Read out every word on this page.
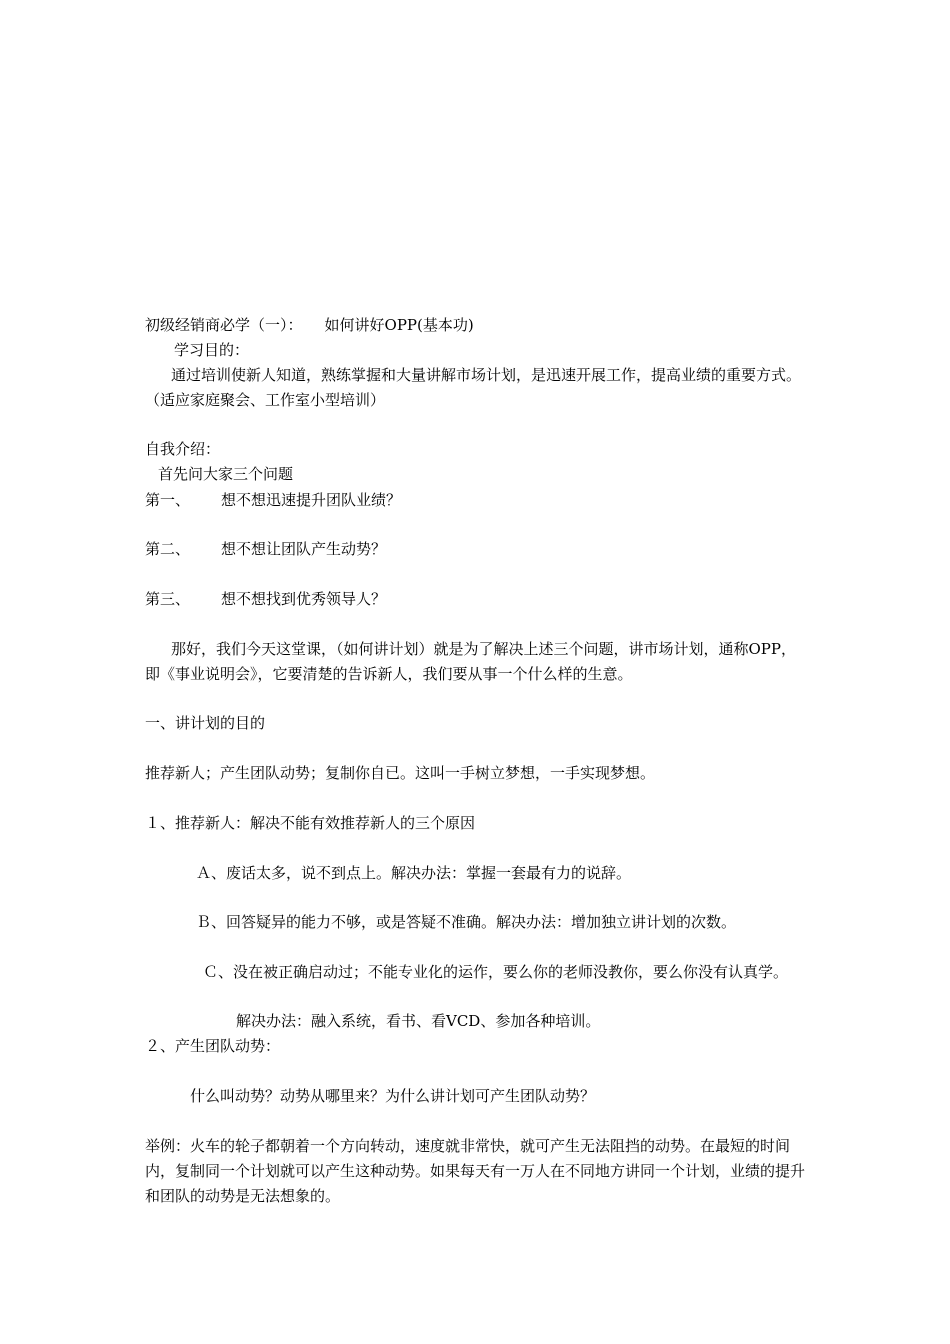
初级经销商必学（一）： 如何讲好OPP(基本功)
学习目的：
通过培训使新人知道，熟练掌握和大量讲解市场计划，是迅速开展工作，提高业绩的重要方式。（适应家庭聚会、工作室小型培训）
自我介绍：
首先问大家三个问题
第一、 想不想迅速提升团队业绩？
第二、 想不想让团队产生动势？
第三、 想不想找到优秀领导人？
那好，我们今天这堂课，（如何讲计划）就是为了解决上述三个问题，讲市场计划，通称OPP，即《事业说明会》，它要清楚的告诉新人，我们要从事一个什么样的生意。
一、讲计划的目的
推荐新人；产生团队动势；复制你自已。这叫一手树立梦想，一手实现梦想。
１、推荐新人：解决不能有效推荐新人的三个原因
Ａ、废话太多，说不到点上。解决办法：掌握一套最有力的说辞。
Ｂ、回答疑异的能力不够，或是答疑不准确。解决办法：增加独立讲计划的次数。
Ｃ、没在被正确启动过；不能专业化的运作，要么你的老师没教你，要么你没有认真学。
解决办法：融入系统，看书、看VCD、参加各种培训。
２、产生团队动势：
什么叫动势？动势从哪里来？为什么讲计划可产生团队动势？
举例：火车的轮子都朝着一个方向转动，速度就非常快，就可产生无法阻挡的动势。在最短的时间内，复制同一个计划就可以产生这种动势。如果每天有一万人在不同地方讲同一个计划，业绩的提升和团队的动势是无法想象的。
